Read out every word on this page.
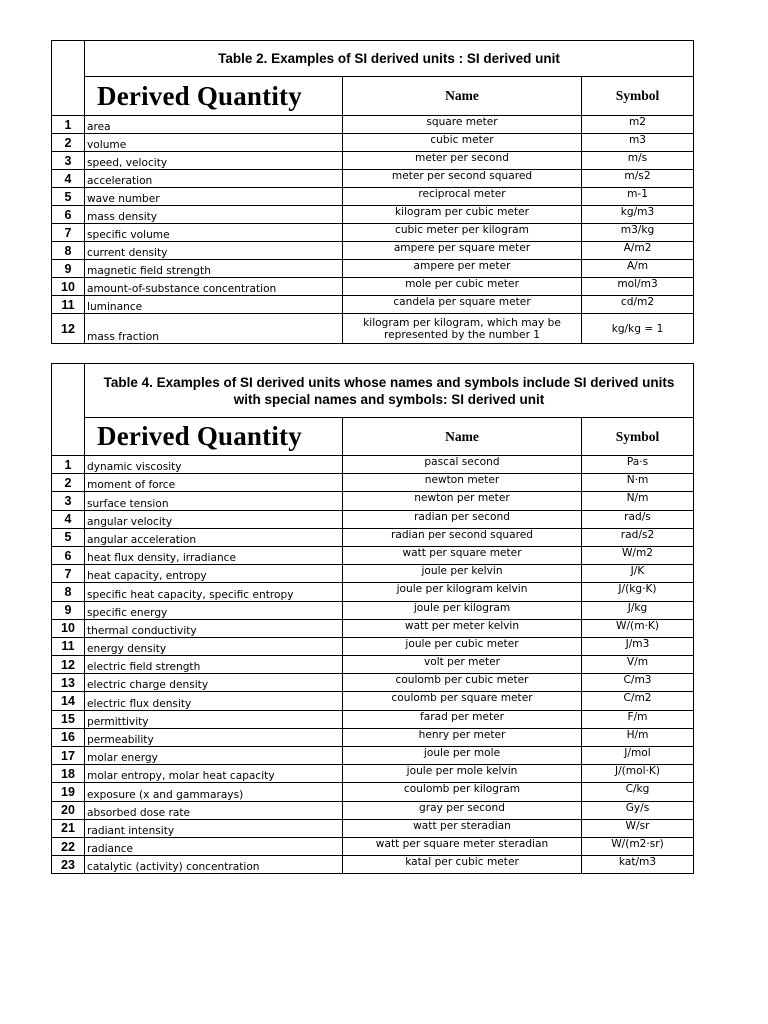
	Table 2. Examples of SI derived units : SI derived unit		
	Derived Quantity	Name	Symbol
1	area	square meter	m2
2	volume	cubic meter	m3
3	speed, velocity	meter per second	m/s
4	acceleration	meter per second squared	m/s2
5	wave number	reciprocal meter	m-1
6	mass density	kilogram per cubic meter	kg/m3
7	specific volume	cubic meter per kilogram	m3/kg
8	current density	ampere per square meter	A/m2
9	magnetic field strength	ampere per meter	A/m
10	amount-of-substance concentration	mole per cubic meter	mol/m3
11	luminance	candela per square meter	cd/m2
12	mass fraction	kilogram per kilogram, which may be represented by the number 1	kg/kg = 1
	Table 4. Examples of SI derived units whose names and symbols include SI derived units with special names and symbols: SI derived unit		
	Derived Quantity	Name	Symbol
1	dynamic viscosity	pascal second	Pa·s
2	moment of force	newton meter	N·m
3	surface tension	newton per meter	N/m
4	angular velocity	radian per second	rad/s
5	angular acceleration	radian per second squared	rad/s2
6	heat flux density, irradiance	watt per square meter	W/m2
7	heat capacity, entropy	joule per kelvin	J/K
8	specific heat capacity, specific entropy	joule per kilogram kelvin	J/(kg·K)
9	specific energy	joule per kilogram	J/kg
10	thermal conductivity	watt per meter kelvin	W/(m·K)
11	energy density	joule per cubic meter	J/m3
12	electric field strength	volt per meter	V/m
13	electric charge density	coulomb per cubic meter	C/m3
14	electric flux density	coulomb per square meter	C/m2
15	permittivity	farad per meter	F/m
16	permeability	henry per meter	H/m
17	molar energy	joule per mole	J/mol
18	molar entropy, molar heat capacity	joule per mole kelvin	J/(mol·K)
19	exposure (x and gammarays)	coulomb per kilogram	C/kg
20	absorbed dose rate	gray per second	Gy/s
21	radiant intensity	watt per steradian	W/sr
22	radiance	watt per square meter steradian	W/(m2·sr)
23	catalytic (activity) concentration	katal per cubic meter	kat/m3
